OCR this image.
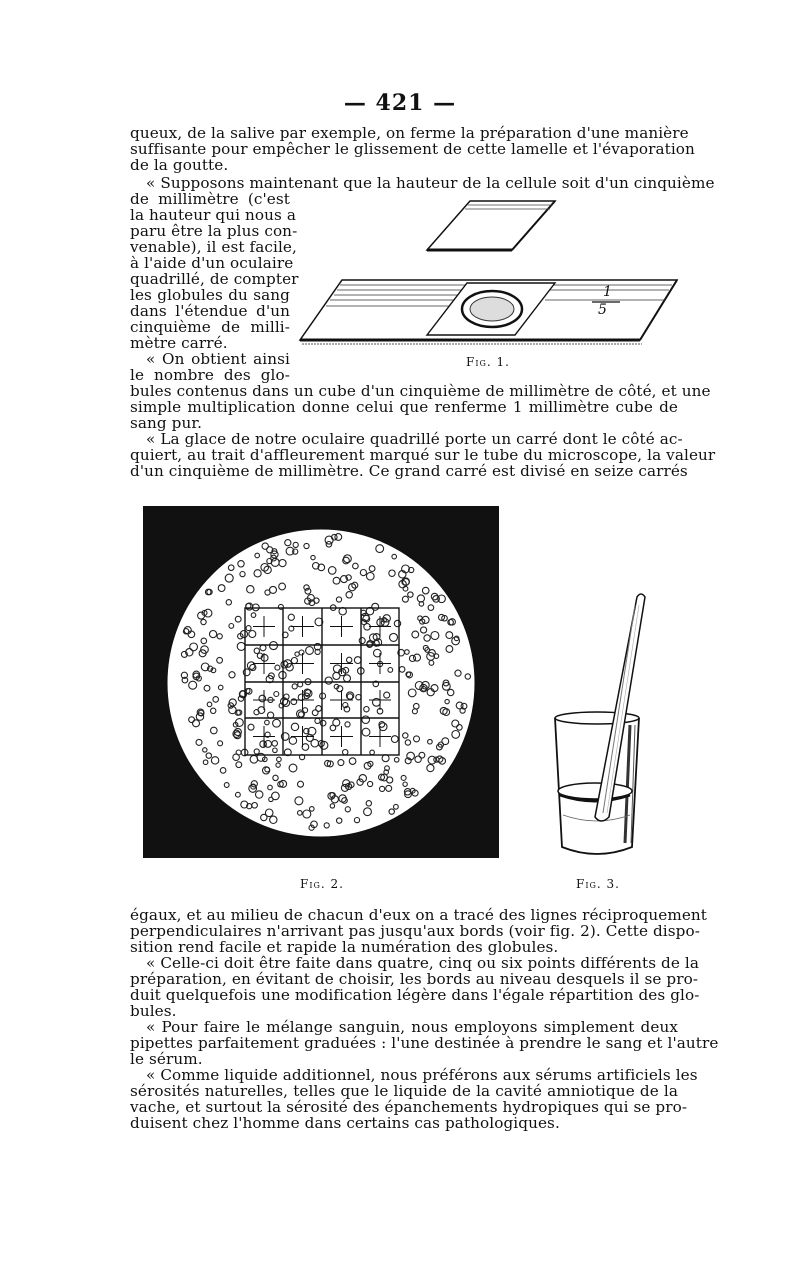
— 421 —
queux, de la salive par exemple, on ferme la préparation d'une manière
suffisante pour empêcher le glissement de cette lamelle et l'évaporation
de la goutte.
« Supposons maintenant que la hauteur de la cellule soit d'un cinquième
de millimètre (c'est
la hauteur qui nous a
paru être la plus con-
venable), il est facile,
à l'aide d'un oculaire
quadrillé, de compter
les globules du sang
dans l'étendue d'un
cinquième de milli-
mètre carré.
« On obtient ainsi
le nombre des glo-
bules contenus dans un cube d'un cinquième de millimètre de côté, et une
simple multiplication donne celui que renferme 1 millimètre cube de
sang pur.
« La glace de notre oculaire quadrillé porte un carré dont le côté ac-
quiert, au trait d'affleurement marqué sur le tube du microscope, la valeur
d'un cinquième de millimètre. Ce grand carré est divisé en seize carrés
1
5
Fig. 1.
Fig. 2.	Fig. 3.
égaux, et au milieu de chacun d'eux on a tracé des lignes réciproquement
perpendiculaires n'arrivant pas jusqu'aux bords (voir fig. 2). Cette dispo-
sition rend facile et rapide la numération des globules.
« Celle-ci doit être faite dans quatre, cinq ou six points différents de la
préparation, en évitant de choisir, les bords au niveau desquels il se pro-
duit quelquefois une modification légère dans l'égale répartition des glo-
bules.
« Pour faire le mélange sanguin, nous employons simplement deux
pipettes parfaitement graduées : l'une destinée à prendre le sang et l'autre
le sérum.
« Comme liquide additionnel, nous préférons aux sérums artificiels les
sérosités naturelles, telles que le liquide de la cavité amniotique de la
vache, et surtout la sérosité des épanchements hydropiques qui se pro-
duisent chez l'homme dans certains cas pathologiques.
